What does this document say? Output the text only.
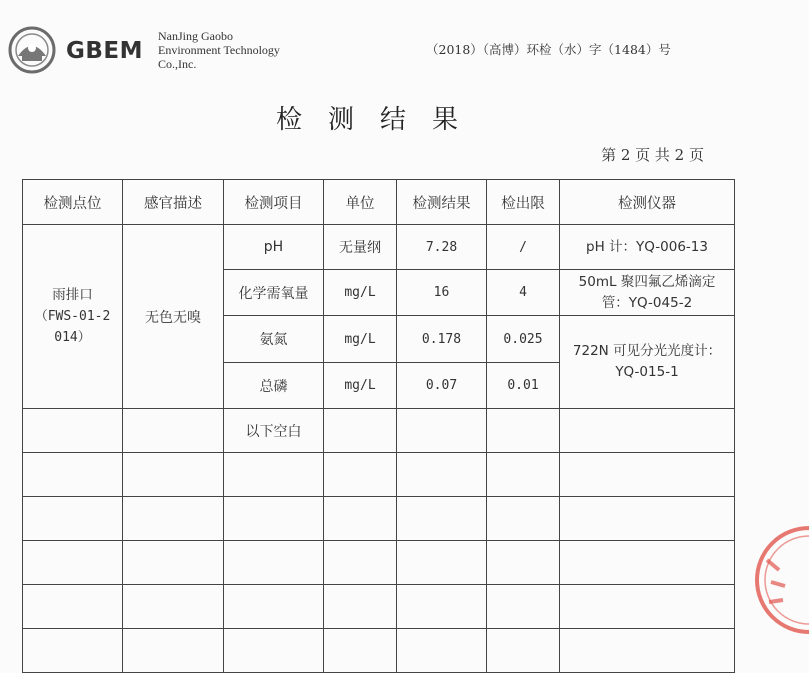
GBEM
NanJing Gaobo
Environment Technology
Co.,Inc.
（2018）（高博）环检（水）字（1484）号
检测结果
第 2 页 共 2 页
检测点位	感官描述	检测项目	单位	检测结果	检出限	检测仪器

雨排口
（FWS-01-2
014）	无色无嗅	pH	无量纲	7.28	/	pH 计：YQ-006-13

		化学需氧量	mg/L	16	4	50mL 聚四氟乙烯滴定
管：YQ-045-2

		氨氮	mg/L	0.178	0.025	722N 可见分光光度计：
YQ-015-1

		总磷	mg/L	0.07	0.01	
		以下空白				
